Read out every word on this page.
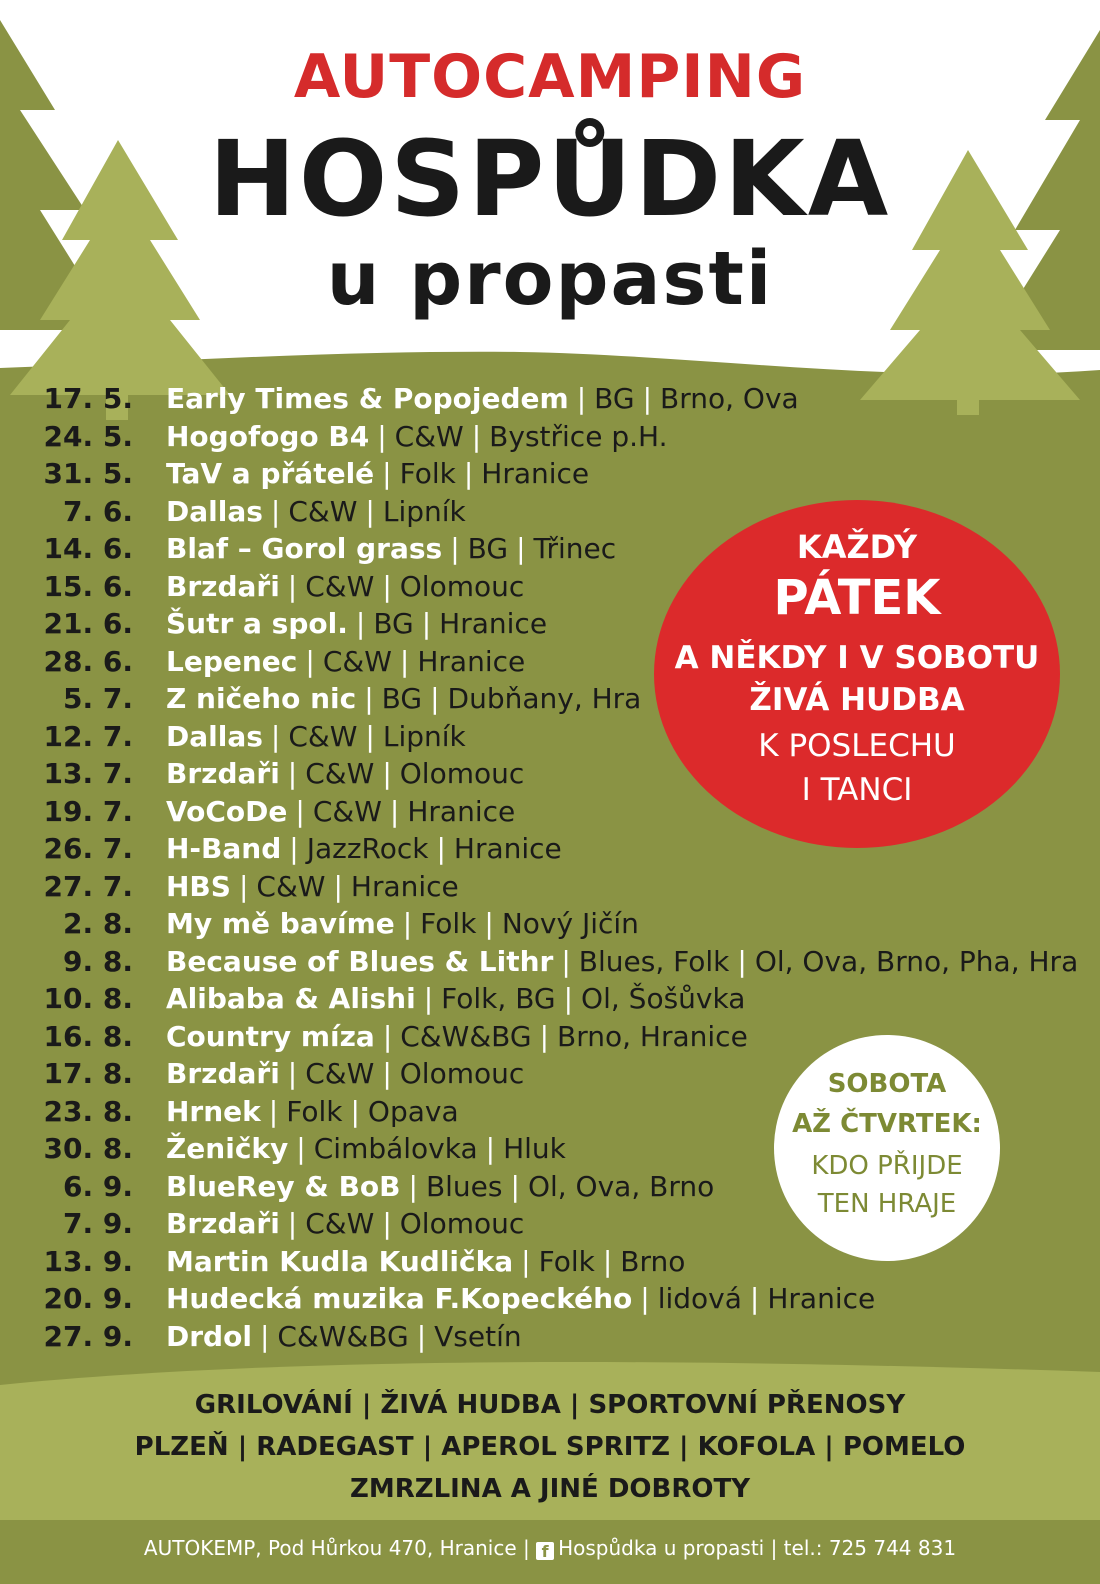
AUTOCAMPING
HOSPŮDKA
u propasti
17. 5. Early Times & Popojedem | BG | Brno, Ova
24. 5. Hogofogo B4 | C&W | Bystřice p.H.
31. 5. TaV a přátelé | Folk | Hranice
7. 6. Dallas | C&W | Lipník
14. 6. Blaf – Gorol grass | BG | Třinec
15. 6. Brzdaři | C&W | Olomouc
21. 6. Šutr a spol. | BG | Hranice
28. 6. Lepenec | C&W | Hranice
5. 7. Z ničeho nic | BG | Dubňany, Hra
12. 7. Dallas | C&W | Lipník
13. 7. Brzdaři | C&W | Olomouc
19. 7. VoCoDe | C&W | Hranice
26. 7. H-Band | JazzRock | Hranice
27. 7. HBS | C&W | Hranice
2. 8. My mě bavíme | Folk | Nový Jičín
9. 8. Because of Blues & Lithr | Blues, Folk | Ol, Ova, Brno, Pha, Hra
10. 8. Alibaba & Alishi | Folk, BG | Ol, Šošůvka
16. 8. Country míza | C&W&BG | Brno, Hranice
17. 8. Brzdaři | C&W | Olomouc
23. 8. Hrnek | Folk | Opava
30. 8. Ženičky | Cimbálovka | Hluk
6. 9. BlueRey & BoB | Blues | Ol, Ova, Brno
7. 9. Brzdaři | C&W | Olomouc
13. 9. Martin Kudla Kudlička | Folk | Brno
20. 9. Hudecká muzika F.Kopeckého | lidová | Hranice
27. 9. Drdol | C&W&BG | Vsetín
KAŽDÝ
PÁTEK
A NĚKDY I V SOBOTU
ŽIVÁ HUDBA
K POSLECHU
I TANCI
SOBOTA
AŽ ČTVRTEK:
KDO PŘIJDE
TEN HRAJE
GRILOVÁNÍ | ŽIVÁ HUDBA | SPORTOVNÍ PŘENOSY
PLZEŇ | RADEGAST | APEROL SPRITZ | KOFOLA | POMELO
ZMRZLINA A JINÉ DOBROTY
AUTOKEMP, Pod Hůrkou 470, Hranice | f Hospůdka u propasti | tel.: 725 744 831
